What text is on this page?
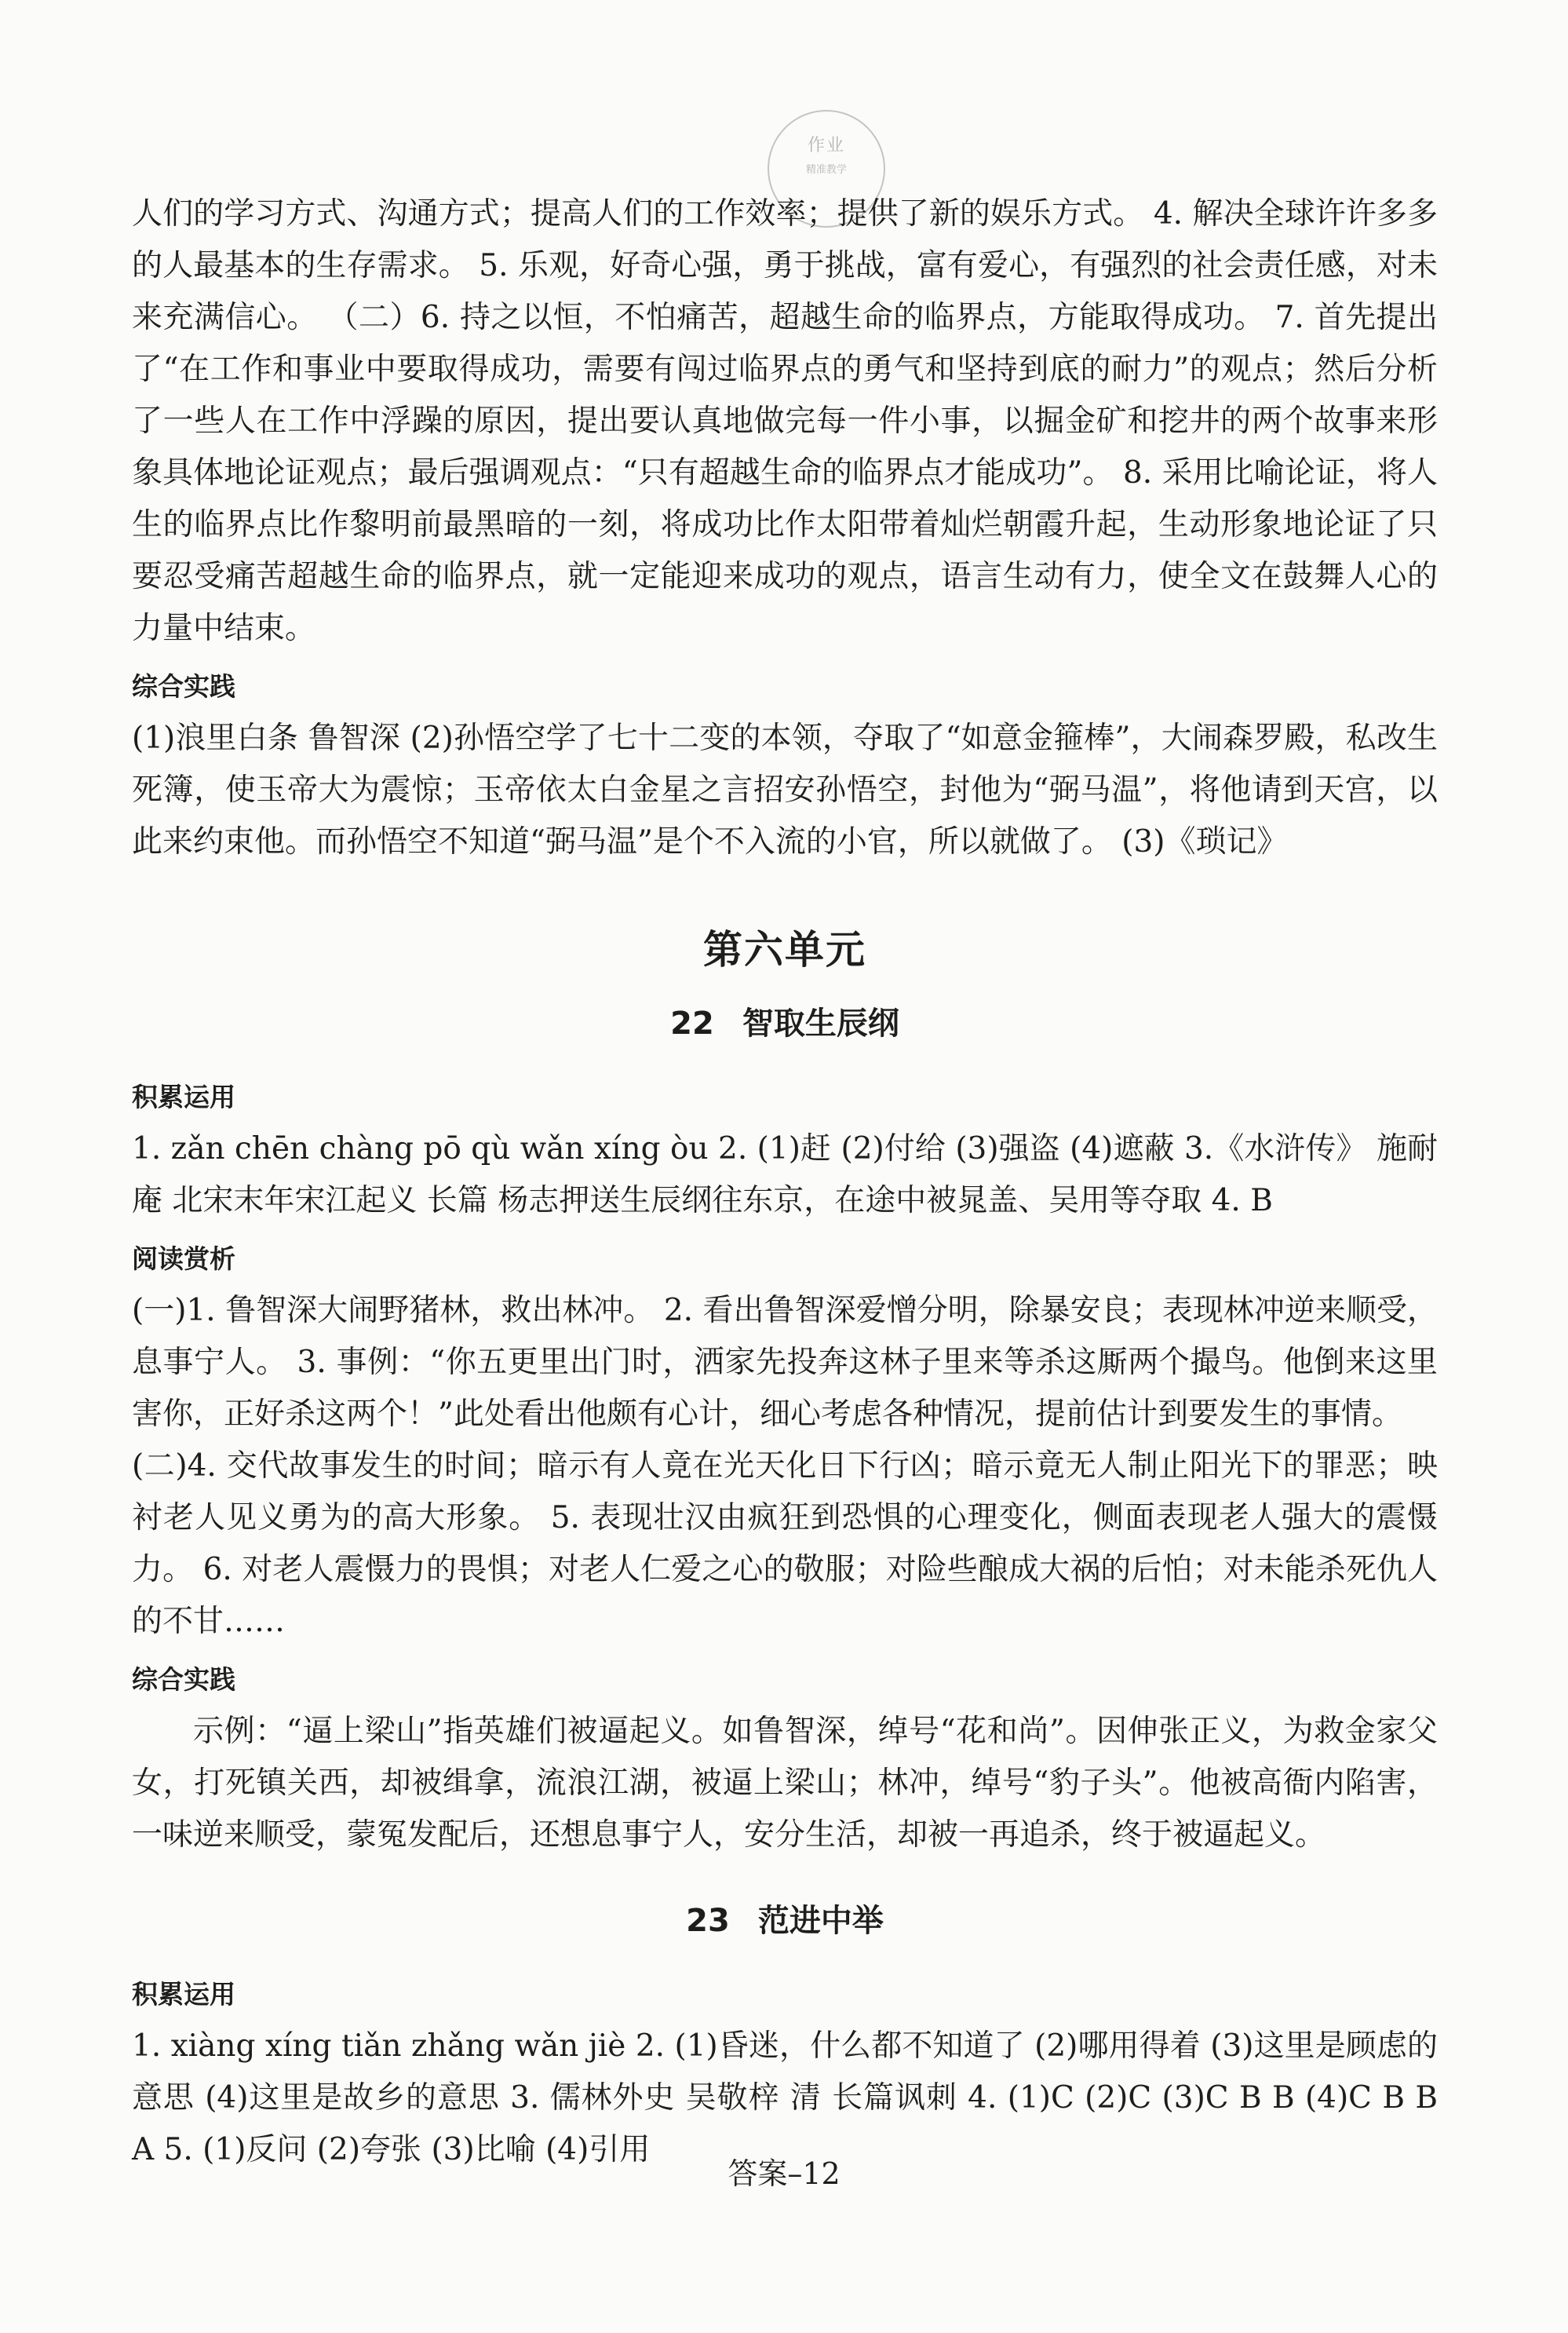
作业
精准教学

人们的学习方式、沟通方式；提高人们的工作效率；提供了新的娱乐方式。 4. 解决全球许许多多的人最基本的生存需求。 5. 乐观，好奇心强，勇于挑战，富有爱心，有强烈的社会责任感，对未来充满信心。 （二）6. 持之以恒，不怕痛苦，超越生命的临界点，方能取得成功。 7. 首先提出了“在工作和事业中要取得成功，需要有闯过临界点的勇气和坚持到底的耐力”的观点；然后分析了一些人在工作中浮躁的原因，提出要认真地做完每一件小事，以掘金矿和挖井的两个故事来形象具体地论证观点；最后强调观点：“只有超越生命的临界点才能成功”。 8. 采用比喻论证，将人生的临界点比作黎明前最黑暗的一刻，将成功比作太阳带着灿烂朝霞升起，生动形象地论证了只要忍受痛苦超越生命的临界点，就一定能迎来成功的观点，语言生动有力，使全文在鼓舞人心的力量中结束。

综合实践

(1)浪里白条 鲁智深 (2)孙悟空学了七十二变的本领，夺取了“如意金箍棒”，大闹森罗殿，私改生死簿，使玉帝大为震惊；玉帝依太白金星之言招安孙悟空，封他为“弼马温”，将他请到天宫，以此来约束他。而孙悟空不知道“弼马温”是个不入流的小官，所以就做了。 (3)《琐记》

第六单元
22 智取生辰纲
积累运用

1. zǎn chēn chàng pō qù wǎn xíng òu 2. (1)赶 (2)付给 (3)强盗 (4)遮蔽 3.《水浒传》 施耐庵 北宋末年宋江起义 长篇 杨志押送生辰纲往东京，在途中被晁盖、吴用等夺取 4. B

阅读赏析

(一)1. 鲁智深大闹野猪林，救出林冲。 2. 看出鲁智深爱憎分明，除暴安良；表现林冲逆来顺受，息事宁人。 3. 事例：“你五更里出门时，洒家先投奔这林子里来等杀这厮两个撮鸟。他倒来这里害你，正好杀这两个！”此处看出他颇有心计，细心考虑各种情况，提前估计到要发生的事情。

(二)4. 交代故事发生的时间；暗示有人竟在光天化日下行凶；暗示竟无人制止阳光下的罪恶；映衬老人见义勇为的高大形象。 5. 表现壮汉由疯狂到恐惧的心理变化，侧面表现老人强大的震慑力。 6. 对老人震慑力的畏惧；对老人仁爱之心的敬服；对险些酿成大祸的后怕；对未能杀死仇人的不甘……

综合实践

示例：“逼上梁山”指英雄们被逼起义。如鲁智深，绰号“花和尚”。因伸张正义，为救金家父女，打死镇关西，却被缉拿，流浪江湖，被逼上梁山；林冲，绰号“豹子头”。他被高衙内陷害，一味逆来顺受，蒙冤发配后，还想息事宁人，安分生活，却被一再追杀，终于被逼起义。

23 范进中举
积累运用

1. xiàng xíng tiǎn zhǎng wǎn jiè 2. (1)昏迷，什么都不知道了 (2)哪用得着 (3)这里是顾虑的意思 (4)这里是故乡的意思 3. 儒林外史 吴敬梓 清 长篇讽刺 4. (1)C (2)C (3)C B B (4)C B B A 5. (1)反问 (2)夸张 (3)比喻 (4)引用

答案–12
